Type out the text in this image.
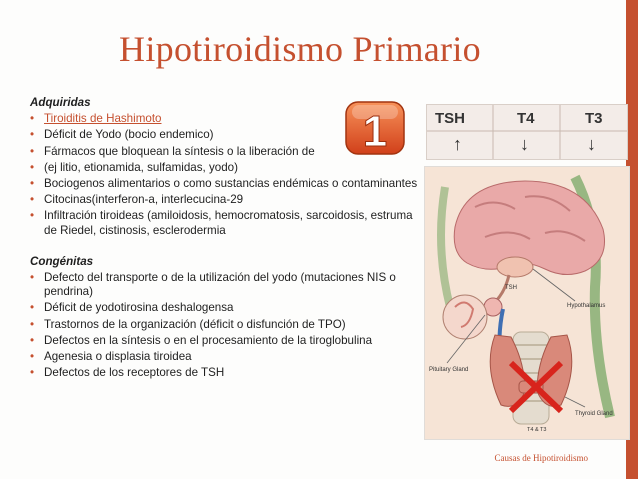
Hipotiroidismo Primario
Adquiridas
• Tiroiditis de Hashimoto
• Déficit de Yodo (bocio endemico)
• Fármacos que bloquean la síntesis o la liberación de
• (ej litio, etionamida, sulfamidas, yodo)
• Bociogenos alimentarios o como sustancias endémicas o contaminantes
• Citocinas(interferon-a, interlecucina-29
• Infiltración tiroideas (amiloidosis, hemocromatosis, sarcoidosis, estruma de Riedel, cistinosis, esclerodermia
Congénitas
• Defecto del transporte o de la utilización del yodo (mutaciones NIS o pendrina)
• Déficit de yodotirosina deshalogensa
• Trastornos de la organización (déficit o disfunción de TPO)
• Defectos en la síntesis o en el procesamiento de la tiroglobulina
• Agenesia o displasia tiroidea
• Defectos de los receptores de TSH
1	TSH	T4	T3
↑	↓	↓
TSH
Hypothalamus
Pituitary Gland
Thyroid Gland
T4 & T3
Causas de Hipotiroidismo
